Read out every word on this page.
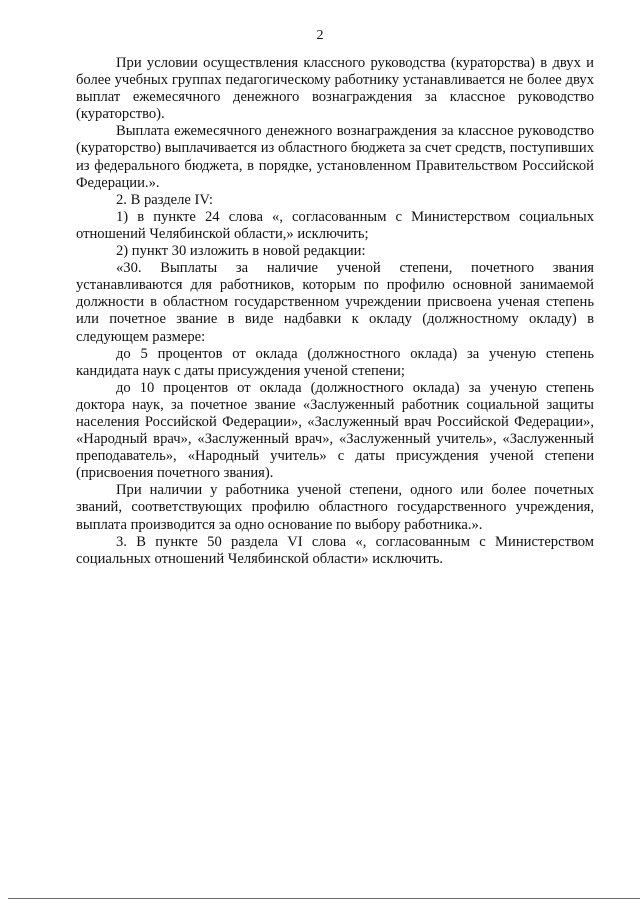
2

При условии осуществления классного руководства (кураторства) в двух и более учебных группах педагогическому работнику устанавливается не более двух выплат ежемесячного денежного вознаграждения за классное руководство (кураторство).

Выплата ежемесячного денежного вознаграждения за классное руководство (кураторство) выплачивается из областного бюджета за счет средств, поступивших из федерального бюджета, в порядке, установленном Правительством Российской Федерации.».

2. В разделе IV:

1) в пункте 24 слова «, согласованным с Министерством социальных отношений Челябинской области,» исключить;

2) пункт 30 изложить в новой редакции:

«30. Выплаты за наличие ученой степени, почетного звания устанавливаются для работников, которым по профилю основной занимаемой должности в областном государственном учреждении присвоена ученая степень или почетное звание в виде надбавки к окладу (должностному окладу) в следующем размере:

до 5 процентов от оклада (должностного оклада) за ученую степень кандидата наук с даты присуждения ученой степени;

до 10 процентов от оклада (должностного оклада) за ученую степень доктора наук, за почетное звание «Заслуженный работник социальной защиты населения Российской Федерации», «Заслуженный врач Российской Федерации», «Народный врач», «Заслуженный врач», «Заслуженный учитель», «Заслуженный преподаватель», «Народный учитель» с даты присуждения ученой степени (присвоения почетного звания).

При наличии у работника ученой степени, одного или более почетных званий, соответствующих профилю областного государственного учреждения, выплата производится за одно основание по выбору работника.».

3. В пункте 50 раздела VI слова «, согласованным с Министерством социальных отношений Челябинской области» исключить.
